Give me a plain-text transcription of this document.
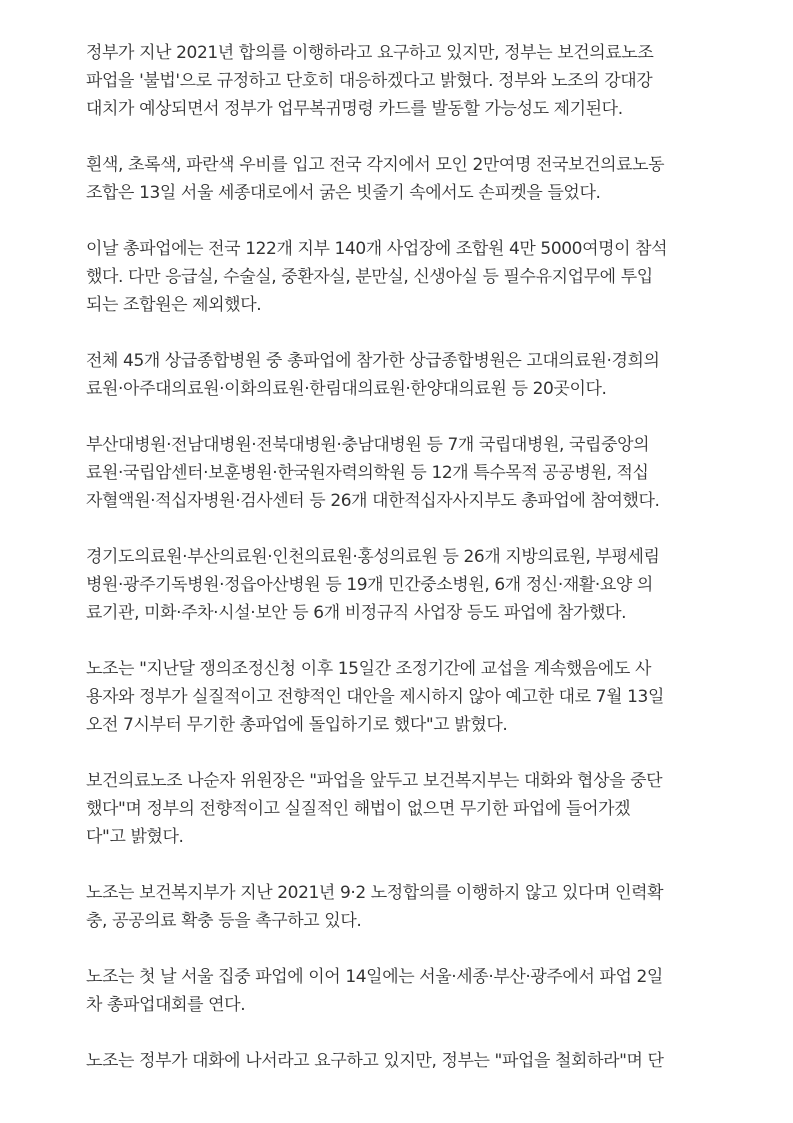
정부가 지난 2021년 합의를 이행하라고 요구하고 있지만, 정부는 보건의료노조
파업을 '불법'으로 규정하고 단호히 대응하겠다고 밝혔다. 정부와 노조의 강대강
대치가 예상되면서 정부가 업무복귀명령 카드를 발동할 가능성도 제기된다.

흰색, 초록색, 파란색 우비를 입고 전국 각지에서 모인 2만여명 전국보건의료노동
조합은 13일 서울 세종대로에서 굵은 빗줄기 속에서도 손피켓을 들었다.

이날 총파업에는 전국 122개 지부 140개 사업장에 조합원 4만 5000여명이 참석
했다. 다만 응급실, 수술실, 중환자실, 분만실, 신생아실 등 필수유지업무에 투입
되는 조합원은 제외했다.

전체 45개 상급종합병원 중 총파업에 참가한 상급종합병원은 고대의료원·경희의
료원·아주대의료원·이화의료원·한림대의료원·한양대의료원 등 20곳이다.

부산대병원·전남대병원·전북대병원·충남대병원 등 7개 국립대병원, 국립중앙의
료원·국립암센터·보훈병원·한국원자력의학원 등 12개 특수목적 공공병원, 적십
자혈액원·적십자병원·검사센터 등 26개 대한적십자사지부도 총파업에 참여했다.

경기도의료원·부산의료원·인천의료원·홍성의료원 등 26개 지방의료원, 부평세림
병원·광주기독병원·정읍아산병원 등 19개 민간중소병원, 6개 정신·재활·요양 의
료기관, 미화·주차·시설·보안 등 6개 비정규직 사업장 등도 파업에 참가했다.

노조는 "지난달 쟁의조정신청 이후 15일간 조정기간에 교섭을 계속했음에도 사
용자와 정부가 실질적이고 전향적인 대안을 제시하지 않아 예고한 대로 7월 13일
오전 7시부터 무기한 총파업에 돌입하기로 했다"고 밝혔다.

보건의료노조 나순자 위원장은 "파업을 앞두고 보건복지부는 대화와 협상을 중단
했다"며 정부의 전향적이고 실질적인 해법이 없으면 무기한 파업에 들어가겠
다"고 밝혔다.

노조는 보건복지부가 지난 2021년 9·2 노정합의를 이행하지 않고 있다며 인력확
충, 공공의료 확충 등을 촉구하고 있다.

노조는 첫 날 서울 집중 파업에 이어 14일에는 서울·세종·부산·광주에서 파업 2일
차 총파업대회를 연다.

노조는 정부가 대화에 나서라고 요구하고 있지만, 정부는 "파업을 철회하라"며 단
